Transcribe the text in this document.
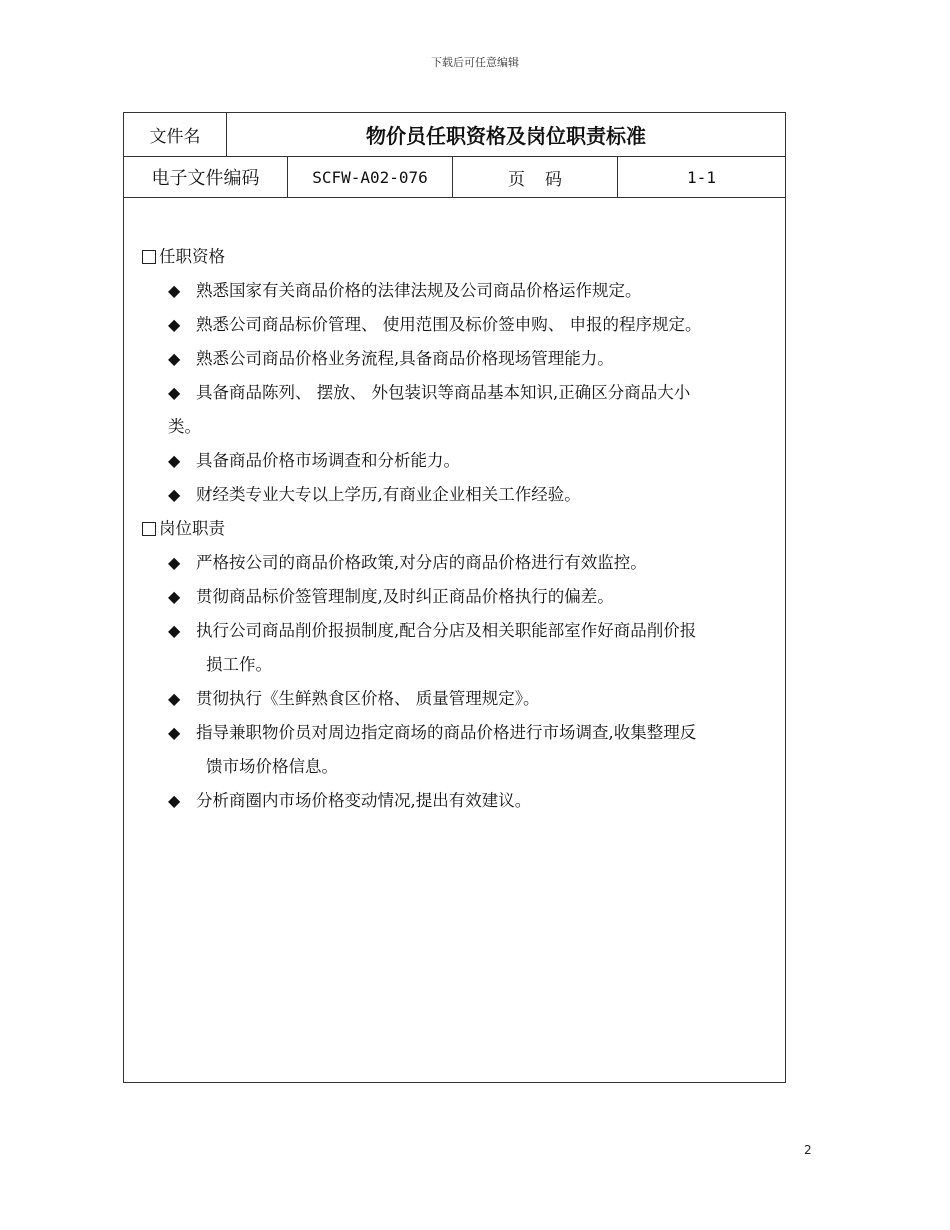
下载后可任意编辑
文件名	物价员任职资格及岗位职责标准
电子文件编码	SCFW-A02-076	页码	1-1
任职资格
◆ 熟悉国家有关商品价格的法律法规及公司商品价格运作规定。
◆ 熟悉公司商品标价管理、 使用范围及标价签申购、 申报的程序规定。
◆ 熟悉公司商品价格业务流程,具备商品价格现场管理能力。
◆ 具备商品陈列、 摆放、 外包装识等商品基本知识,正确区分商品大小
类。
◆ 具备商品价格市场调查和分析能力。
◆ 财经类专业大专以上学历,有商业企业相关工作经验。
岗位职责
◆ 严格按公司的商品价格政策,对分店的商品价格进行有效监控。
◆ 贯彻商品标价签管理制度,及时纠正商品价格执行的偏差。
◆ 执行公司商品削价报损制度,配合分店及相关职能部室作好商品削价报
损工作。
◆ 贯彻执行《生鲜熟食区价格、 质量管理规定》。
◆ 指导兼职物价员对周边指定商场的商品价格进行市场调查,收集整理反
馈市场价格信息。
◆ 分析商圈内市场价格变动情况,提出有效建议。
2
